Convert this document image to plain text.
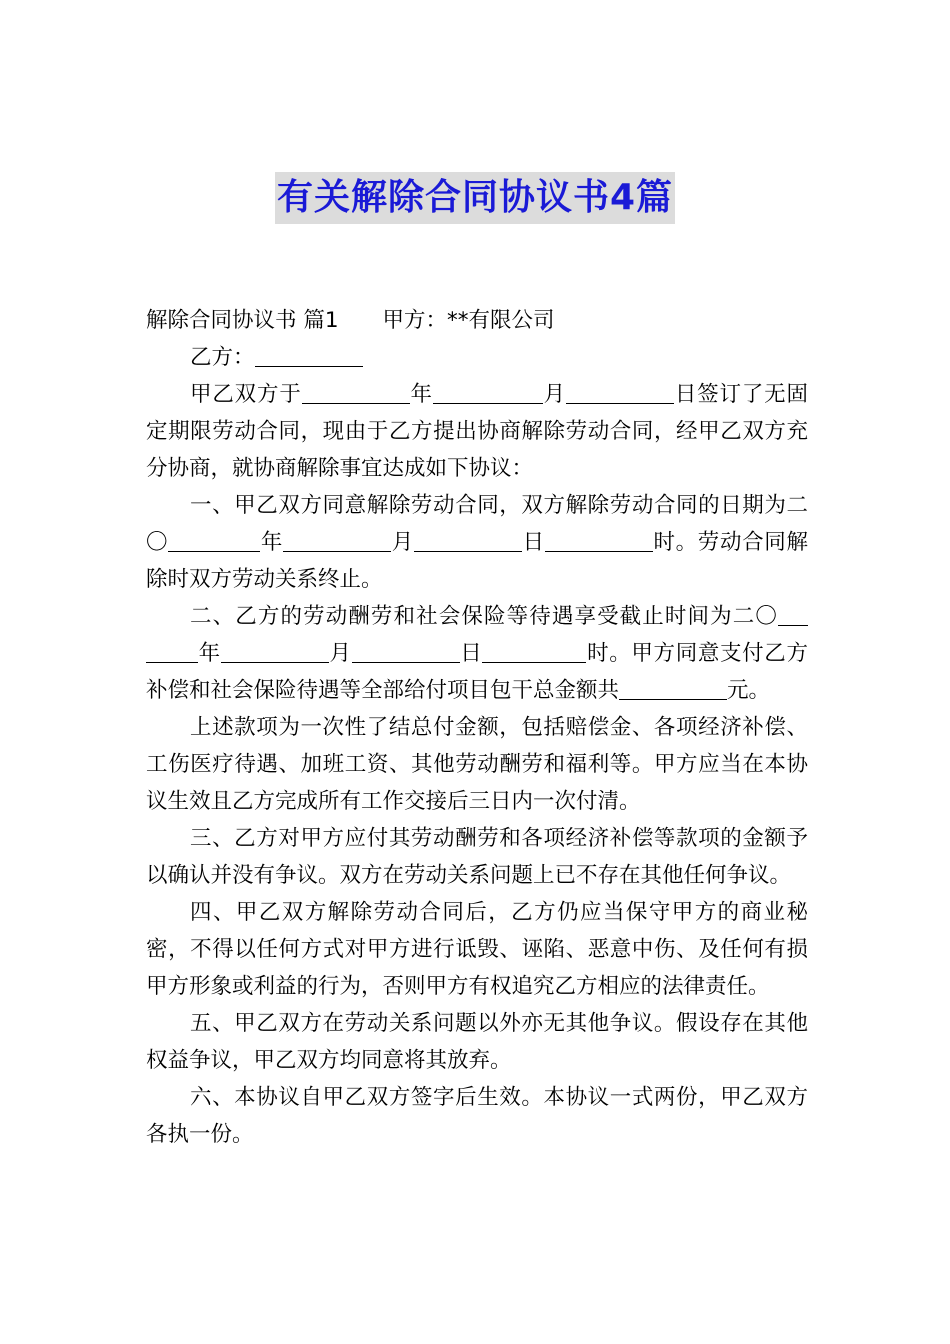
有关解除合同协议书4篇

解除合同协议书 篇1 甲方：**有限公司

乙方：

甲乙双方于	年	月	日签订了无固定期限劳动合同，现由于乙方提出协商解除劳动合同，经甲乙双方充分协商，就协商解除事宜达成如下协议：

一、甲乙双方同意解除劳动合同，双方解除劳动合同的日期为二〇	年	月	日	时。劳动合同解除时双方劳动关系终止。

二、乙方的劳动酬劳和社会保险等待遇享受截止时间为二〇年	月	日	时。甲方同意支付乙方补偿和社会保险待遇等全部给付项目包干总金额共	元。

上述款项为一次性了结总付金额，包括赔偿金、各项经济补偿、工伤医疗待遇、加班工资、其他劳动酬劳和福利等。甲方应当在本协议生效且乙方完成所有工作交接后三日内一次付清。

三、乙方对甲方应付其劳动酬劳和各项经济补偿等款项的金额予以确认并没有争议。双方在劳动关系问题上已不存在其他任何争议。

四、甲乙双方解除劳动合同后，乙方仍应当保守甲方的商业秘密，不得以任何方式对甲方进行诋毁、诬陷、恶意中伤、及任何有损甲方形象或利益的行为，否则甲方有权追究乙方相应的法律责任。

五、甲乙双方在劳动关系问题以外亦无其他争议。假设存在其他权益争议，甲乙双方均同意将其放弃。

六、本协议自甲乙双方签字后生效。本协议一式两份，甲乙双方各执一份。
